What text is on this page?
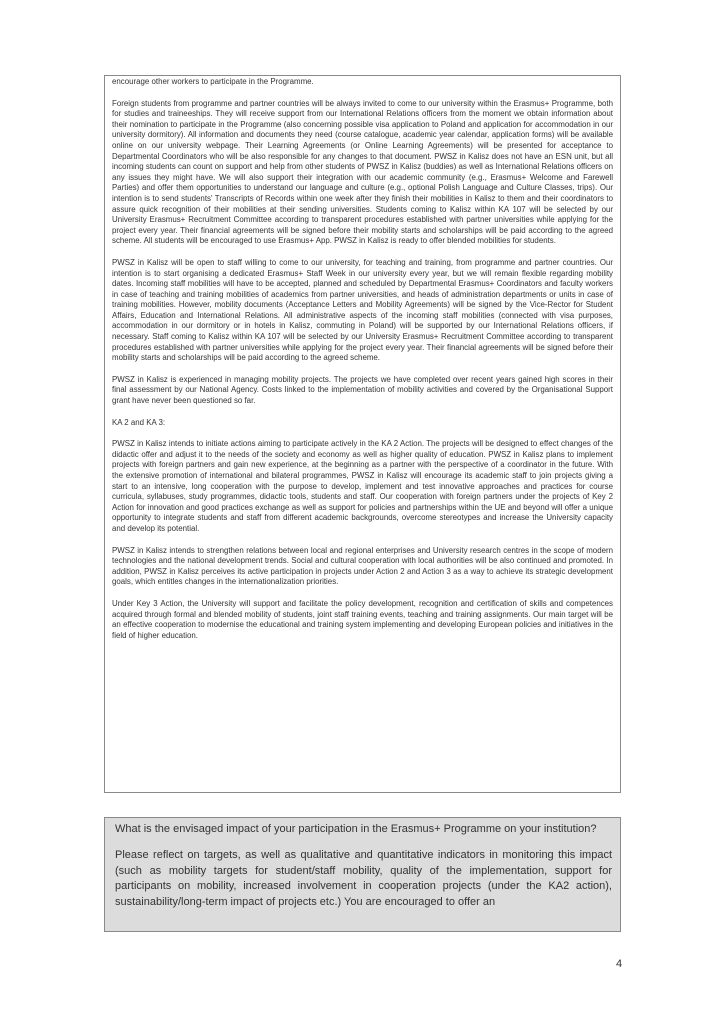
encourage other workers to participate in the Programme.

Foreign students from programme and partner countries will be always invited to come to our university within the Erasmus+ Programme, both for studies and traineeships. They will receive support from our International Relations officers from the moment we obtain information about their nomination to participate in the Programme (also concerning possible visa application to Poland and application for accommodation in our university dormitory). All information and documents they need (course catalogue, academic year calendar, application forms) will be available online on our university webpage. Their Learning Agreements (or Online Learning Agreements) will be presented for acceptance to Departmental Coordinators who will be also responsible for any changes to that document. PWSZ in Kalisz does not have an ESN unit, but all incoming students can count on support and help from other students of PWSZ in Kalisz (buddies) as well as International Relations officers on any issues they might have. We will also support their integration with our academic community (e.g., Erasmus+ Welcome and Farewell Parties) and offer them opportunities to understand our language and culture (e.g., optional Polish Language and Culture Classes, trips). Our intention is to send students' Transcripts of Records within one week after they finish their mobilities in Kalisz to them and their coordinators to assure quick recognition of their mobilities at their sending universities. Students coming to Kalisz within KA 107 will be selected by our University Erasmus+ Recruitment Committee according to transparent procedures established with partner universities while applying for the project every year. Their financial agreements will be signed before their mobility starts and scholarships will be paid according to the agreed scheme. All students will be encouraged to use Erasmus+ App. PWSZ in Kalisz is ready to offer blended mobilities for students.

PWSZ in Kalisz will be open to staff willing to come to our university, for teaching and training, from programme and partner countries. Our intention is to start organising a dedicated Erasmus+ Staff Week in our university every year, but we will remain flexible regarding mobility dates. Incoming staff mobilities will have to be accepted, planned and scheduled by Departmental Erasmus+ Coordinators and faculty workers in case of teaching and training mobilities of academics from partner universities, and heads of administration departments or units in case of training mobilities. However, mobility documents (Acceptance Letters and Mobility Agreements) will be signed by the Vice-Rector for Student Affairs, Education and International Relations. All administrative aspects of the incoming staff mobilities (connected with visa purposes, accommodation in our dormitory or in hotels in Kalisz, commuting in Poland) will be supported by our International Relations officers, if necessary. Staff coming to Kalisz within KA 107 will be selected by our University Erasmus+ Recruitment Committee according to transparent procedures established with partner universities while applying for the project every year. Their financial agreements will be signed before their mobility starts and scholarships will be paid according to the agreed scheme.

PWSZ in Kalisz is experienced in managing mobility projects. The projects we have completed over recent years gained high scores in their final assessment by our National Agency. Costs linked to the implementation of mobility activities and covered by the Organisational Support grant have never been questioned so far.

KA 2 and KA 3:

PWSZ in Kalisz intends to initiate actions aiming to participate actively in the KA 2 Action. The projects will be designed to effect changes of the didactic offer and adjust it to the needs of the society and economy as well as higher quality of education. PWSZ in Kalisz plans to implement projects with foreign partners and gain new experience, at the beginning as a partner with the perspective of a coordinator in the future. With the extensive promotion of international and bilateral programmes, PWSZ in Kalisz will encourage its academic staff to join projects giving a start to an intensive, long cooperation with the purpose to develop, implement and test innovative approaches and practices for course curricula, syllabuses, study programmes, didactic tools, students and staff. Our cooperation with foreign partners under the projects of Key 2 Action for innovation and good practices exchange as well as support for policies and partnerships within the UE and beyond will offer a unique opportunity to integrate students and staff from different academic backgrounds, overcome stereotypes and increase the University capacity and develop its potential.

PWSZ in Kalisz intends to strengthen relations between local and regional enterprises and University research centres in the scope of modern technologies and the national development trends. Social and cultural cooperation with local authorities will be also continued and promoted. In addition, PWSZ in Kalisz perceives its active participation in projects under Action 2 and Action 3 as a way to achieve its strategic development goals, which entitles changes in the internationalization priorities.

Under Key 3 Action, the University will support and facilitate the policy development, recognition and certification of skills and competences acquired through formal and blended mobility of students, joint staff training events, teaching and training assignments. Our main target will be an effective cooperation to modernise the educational and training system implementing and developing European policies and initiatives in the field of higher education.

What is the envisaged impact of your participation in the Erasmus+ Programme on your institution?

Please reflect on targets, as well as qualitative and quantitative indicators in monitoring this impact (such as mobility targets for student/staff mobility, quality of the implementation, support for participants on mobility, increased involvement in cooperation projects (under the KA2 action), sustainability/long-term impact of projects etc.) You are encouraged to offer an

4
